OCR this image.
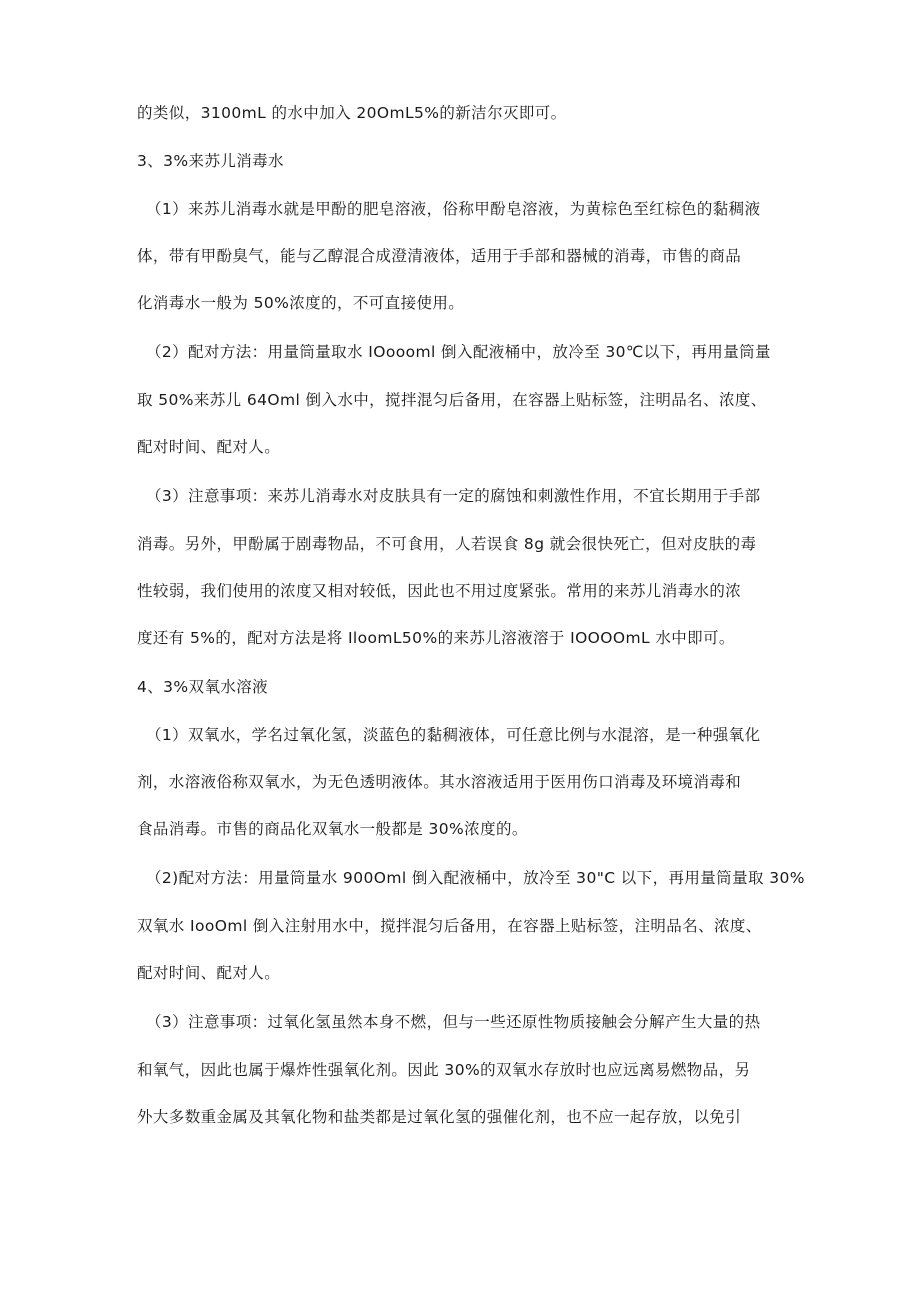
的类似，3100mL 的水中加入 20OmL5%的新洁尔灭即可。
3、3%来苏儿消毒水
（1）来苏儿消毒水就是甲酚的肥皂溶液，俗称甲酚皂溶液，为黄棕色至红棕色的黏稠液
体，带有甲酚臭气，能与乙醇混合成澄清液体，适用于手部和器械的消毒，市售的商品
化消毒水一般为 50%浓度的，不可直接使用。
（2）配对方法：用量筒量取水 IOoooml 倒入配液桶中，放冷至 30℃以下，再用量筒量
取 50%来苏儿 64Oml 倒入水中，搅拌混匀后备用，在容器上贴标签，注明品名、浓度、
配对时间、配对人。
（3）注意事项：来苏儿消毒水对皮肤具有一定的腐蚀和刺激性作用，不宜长期用于手部
消毒。另外，甲酚属于剧毒物品，不可食用，人若误食 8g 就会很快死亡，但对皮肤的毒
性较弱，我们使用的浓度又相对较低，因此也不用过度紧张。常用的来苏儿消毒水的浓
度还有 5%的，配对方法是将 IloomL50%的来苏儿溶液溶于 IOOOOmL 水中即可。
4、3%双氧水溶液
（1）双氧水，学名过氧化氢，淡蓝色的黏稠液体，可任意比例与水混溶，是一种强氧化
剂，水溶液俗称双氧水，为无色透明液体。其水溶液适用于医用伤口消毒及环境消毒和
食品消毒。市售的商品化双氧水一般都是 30%浓度的。
（2)配对方法：用量筒量水 900Oml 倒入配液桶中，放冷至 30"C 以下，再用量筒量取 30%
双氧水 IooOml 倒入注射用水中，搅拌混匀后备用，在容器上贴标签，注明品名、浓度、
配对时间、配对人。
（3）注意事项：过氧化氢虽然本身不燃，但与一些还原性物质接触会分解产生大量的热
和氧气，因此也属于爆炸性强氧化剂。因此 30%的双氧水存放时也应远离易燃物品，另
外大多数重金属及其氧化物和盐类都是过氧化氢的强催化剂，也不应一起存放，以免引
